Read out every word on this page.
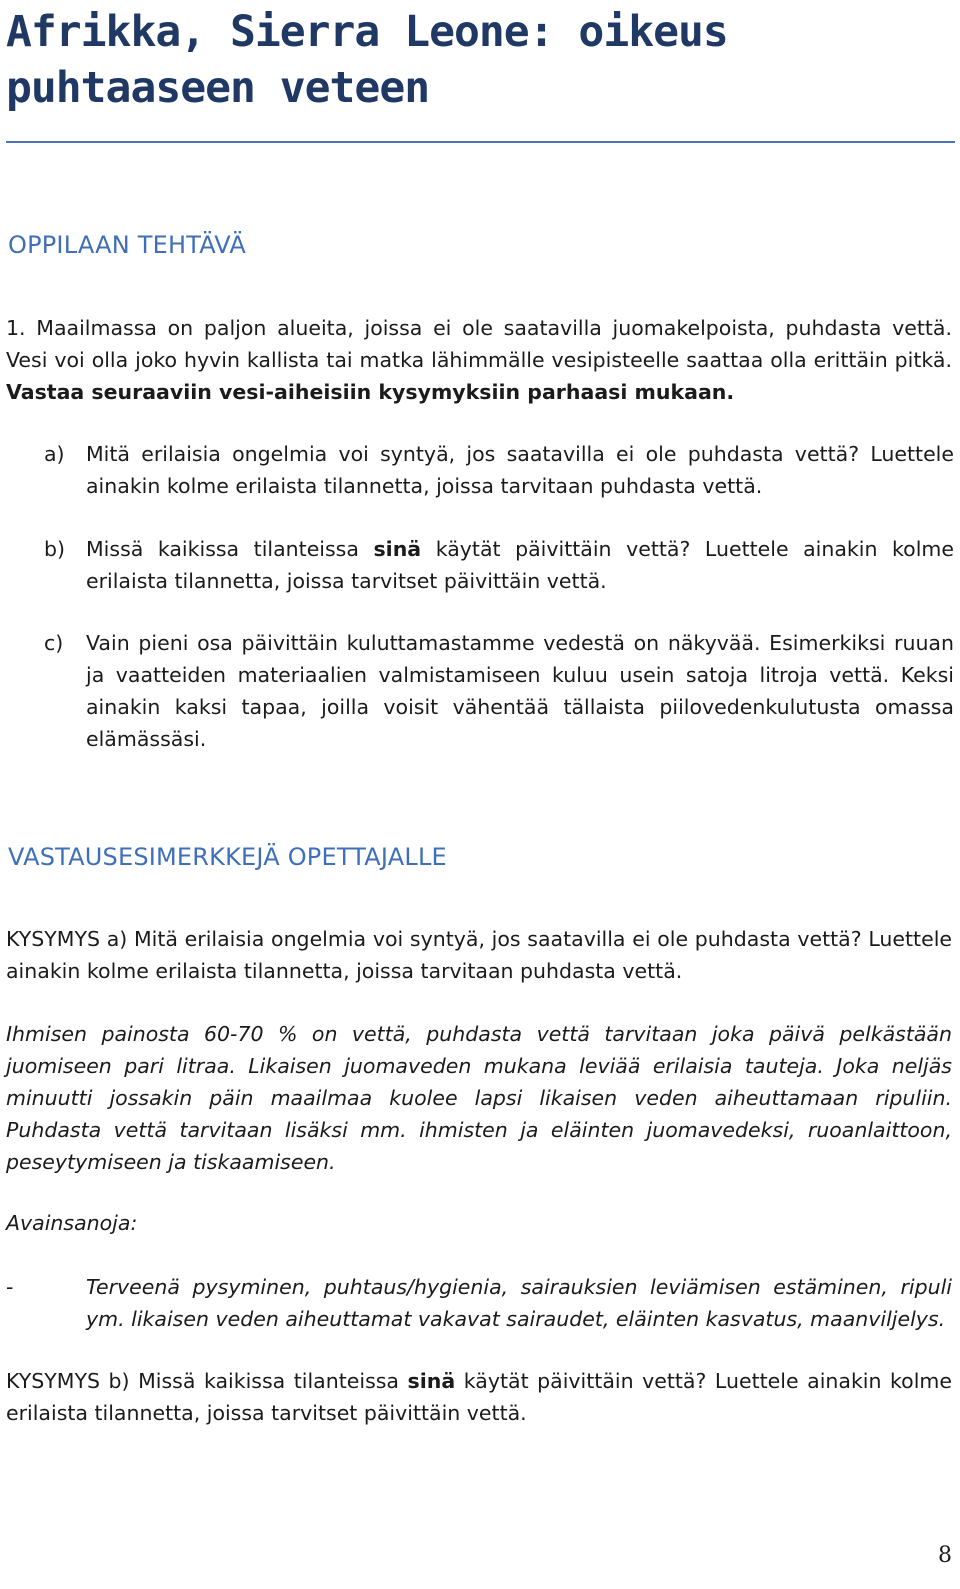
Afrikka, Sierra Leone: oikeus puhtaaseen veteen
OPPILAAN TEHTÄVÄ

1. Maailmassa on paljon alueita, joissa ei ole saatavilla juomakelpoista, puhdasta vettä. Vesi voi olla joko hyvin kallista tai matka lähimmälle vesipisteelle saattaa olla erittäin pitkä. Vastaa seuraaviin vesi-aiheisiin kysymyksiin parhaasi mukaan.

a) Mitä erilaisia ongelmia voi syntyä, jos saatavilla ei ole puhdasta vettä? Luettele ainakin kolme erilaista tilannetta, joissa tarvitaan puhdasta vettä.
b) Missä kaikissa tilanteissa sinä käytät päivittäin vettä? Luettele ainakin kolme erilaista tilannetta, joissa tarvitset päivittäin vettä.
c) Vain pieni osa päivittäin kuluttamastamme vedestä on näkyvää. Esimerkiksi ruuan ja vaatteiden materiaalien valmistamiseen kuluu usein satoja litroja vettä. Keksi ainakin kaksi tapaa, joilla voisit vähentää tällaista piilovedenkulutusta omassa elämässäsi.
VASTAUSESIMERKKEJÄ OPETTAJALLE

KYSYMYS a) Mitä erilaisia ongelmia voi syntyä, jos saatavilla ei ole puhdasta vettä? Luettele ainakin kolme erilaista tilannetta, joissa tarvitaan puhdasta vettä.

Ihmisen painosta 60-70 % on vettä, puhdasta vettä tarvitaan joka päivä pelkästään juomiseen pari litraa. Likaisen juomaveden mukana leviää erilaisia tauteja. Joka neljäs minuutti jossakin päin maailmaa kuolee lapsi likaisen veden aiheuttamaan ripuliin. Puhdasta vettä tarvitaan lisäksi mm. ihmisten ja eläinten juomavedeksi, ruoanlaittoon, peseytymiseen ja tiskaamiseen.

Avainsanoja:

-	Terveenä pysyminen, puhtaus/hygienia, sairauksien leviämisen estäminen, ripuli ym. likaisen veden aiheuttamat vakavat sairaudet, eläinten kasvatus, maanviljelys.

KYSYMYS b) Missä kaikissa tilanteissa sinä käytät päivittäin vettä? Luettele ainakin kolme erilaista tilannetta, joissa tarvitset päivittäin vettä.

8
